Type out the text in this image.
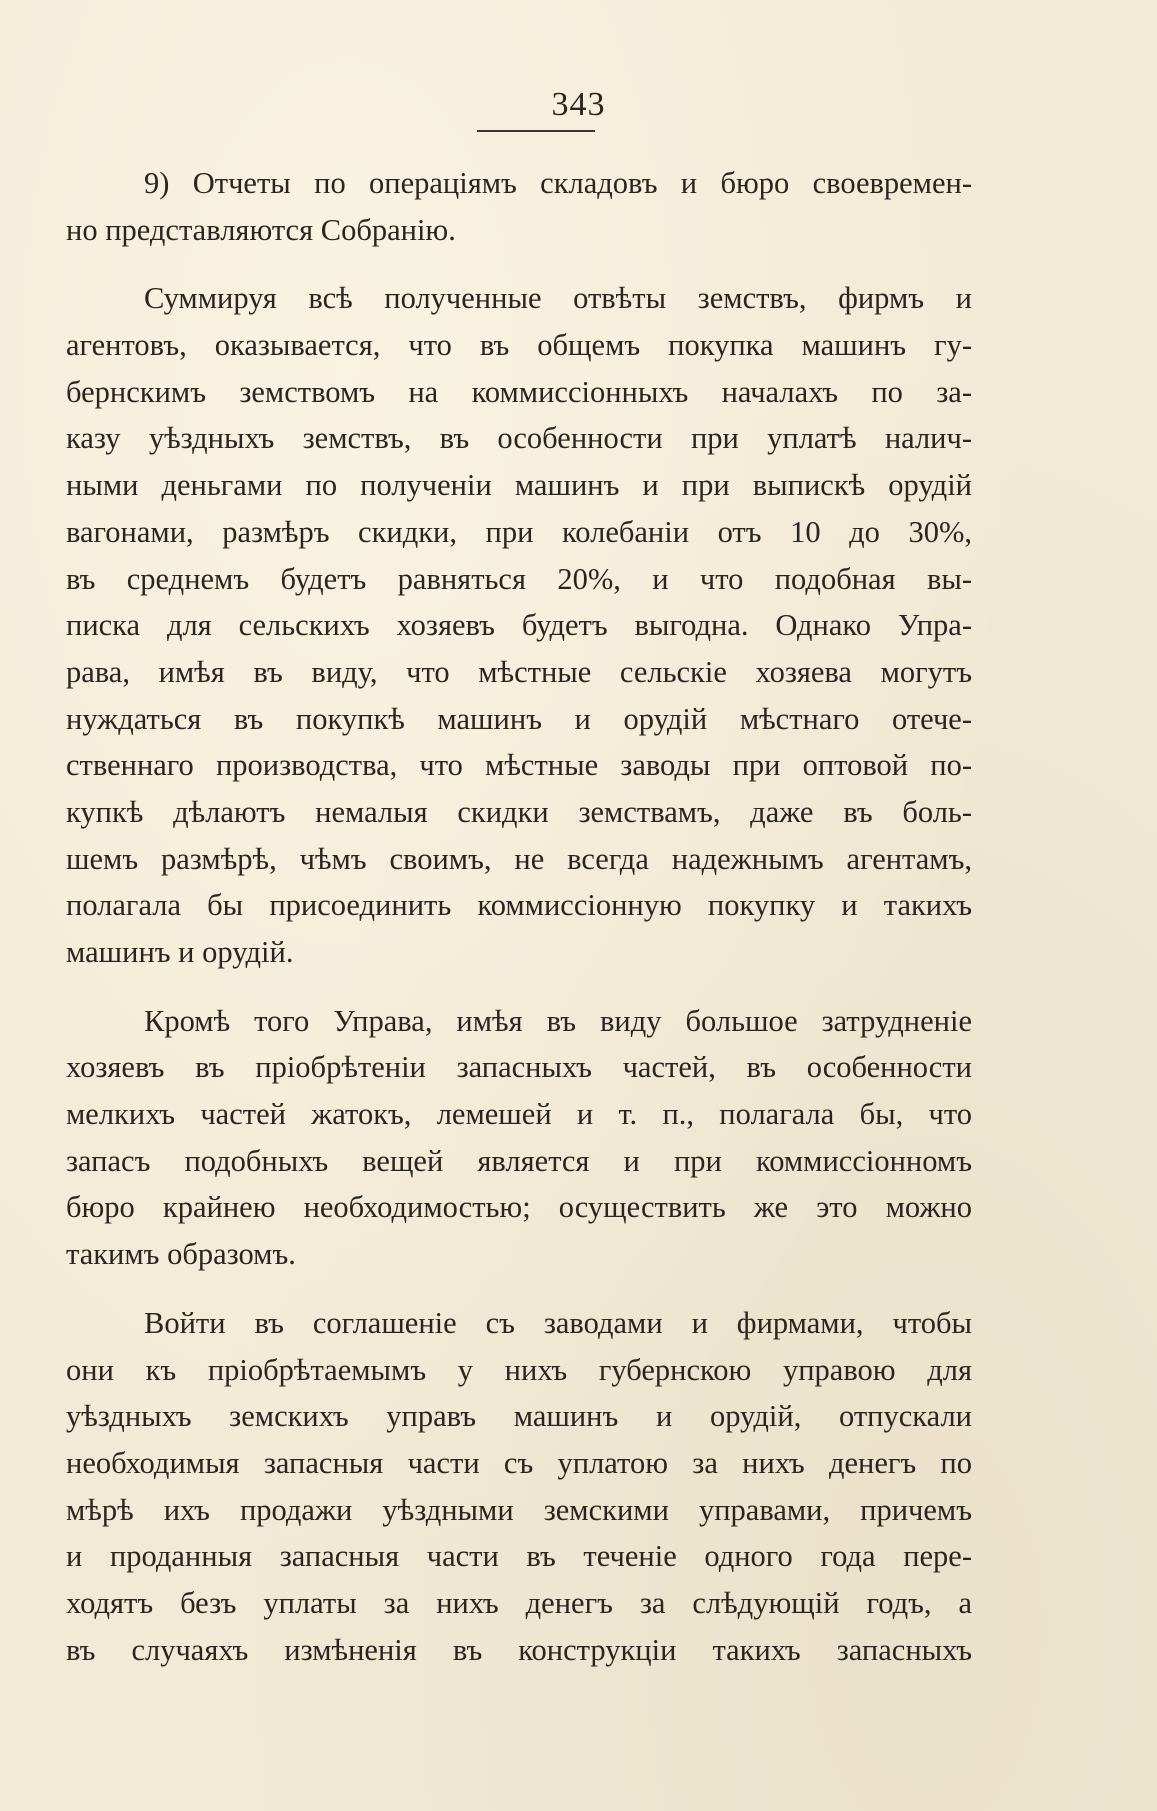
343
9) Отчеты по операціямъ складовъ и бюро своевремен-
но представляются Собранію.
Суммируя всѣ полученные отвѣты земствъ, фирмъ и
агентовъ, оказывается, что въ общемъ покупка машинъ гу-
бернскимъ земствомъ на коммиссіонныхъ началахъ по за-
казу уѣздныхъ земствъ, въ особенности при уплатѣ налич-
ными деньгами по полученіи машинъ и при выпискѣ орудій
вагонами, размѣръ скидки, при колебаніи отъ 10 до 30%,
въ среднемъ будетъ равняться 20%, и что подобная вы-
писка для сельскихъ хозяевъ будетъ выгодна. Однако Упра-
рава, имѣя въ виду, что мѣстные сельскіе хозяева могутъ
нуждаться въ покупкѣ машинъ и орудій мѣстнаго отече-
ственнаго производства, что мѣстные заводы при оптовой по-
купкѣ дѣлаютъ немалыя скидки земствамъ, даже въ боль-
шемъ размѣрѣ, чѣмъ своимъ, не всегда надежнымъ агентамъ,
полагала бы присоединить коммиссіонную покупку и такихъ
машинъ и орудій.
Кромѣ того Управа, имѣя въ виду большое затрудненіе
хозяевъ въ пріобрѣтеніи запасныхъ частей, въ особенности
мелкихъ частей жатокъ, лемешей и т. п., полагала бы, что
запасъ подобныхъ вещей является и при коммиссіонномъ
бюро крайнею необходимостью; осуществить же это можно
такимъ образомъ.
Войти въ соглашеніе съ заводами и фирмами, чтобы
они къ пріобрѣтаемымъ у нихъ губернскою управою для
уѣздныхъ земскихъ управъ машинъ и орудій, отпускали
необходимыя запасныя части съ уплатою за нихъ денегъ по
мѣрѣ ихъ продажи уѣздными земскими управами, причемъ
и проданныя запасныя части въ теченіе одного года пере-
ходятъ безъ уплаты за нихъ денегъ за слѣдующій годъ, а
въ случаяхъ измѣненія въ конструкціи такихъ запасныхъ
